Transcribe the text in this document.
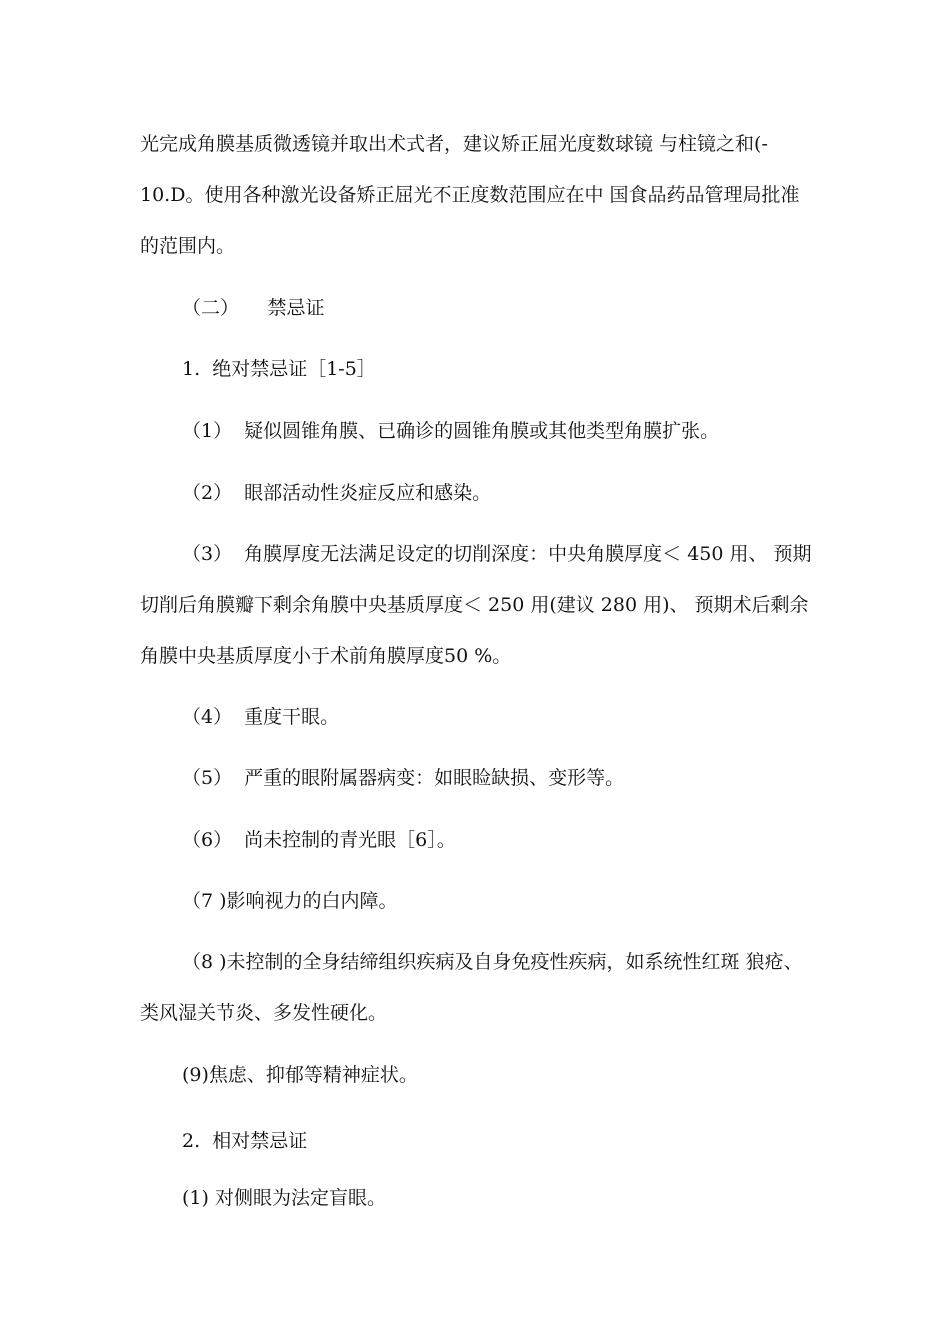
光完成角膜基质微透镜并取出术式者，建议矫正屈光度数球镜 与柱镜之和(-
10.D。使用各种激光设备矫正屈光不正度数范围应在中 国食品药品管理局批准
的范围内。
（二）　　禁忌证
1.  绝对禁忌证［1-5］
（1）  疑似圆锥角膜、已确诊的圆锥角膜或其他类型角膜扩张。
（2）  眼部活动性炎症反应和感染。
（3）  角膜厚度无法满足设定的切削深度：中央角膜厚度＜ 450 ⽤、 预期
切削后角膜瓣下剩余角膜中央基质厚度＜ 250 ⽤(建议 280 ⽤)、 预期术后剩余
角膜中央基质厚度小于术前角膜厚度50 %。
（4）  重度干眼。
（5）  严重的眼附属器病变：如眼睑缺损、变形等。
（6）  尚未控制的青光眼［6］。
（7 )影响视力的白内障。
（8 )未控制的全身结缔组织疾病及自身免疫性疾病，如系统性红斑 狼疮、
类风湿关节炎、多发性硬化。
(9)焦虑、抑郁等精神症状。
2.  相对禁忌证
(1) 对侧眼为法定盲眼。
